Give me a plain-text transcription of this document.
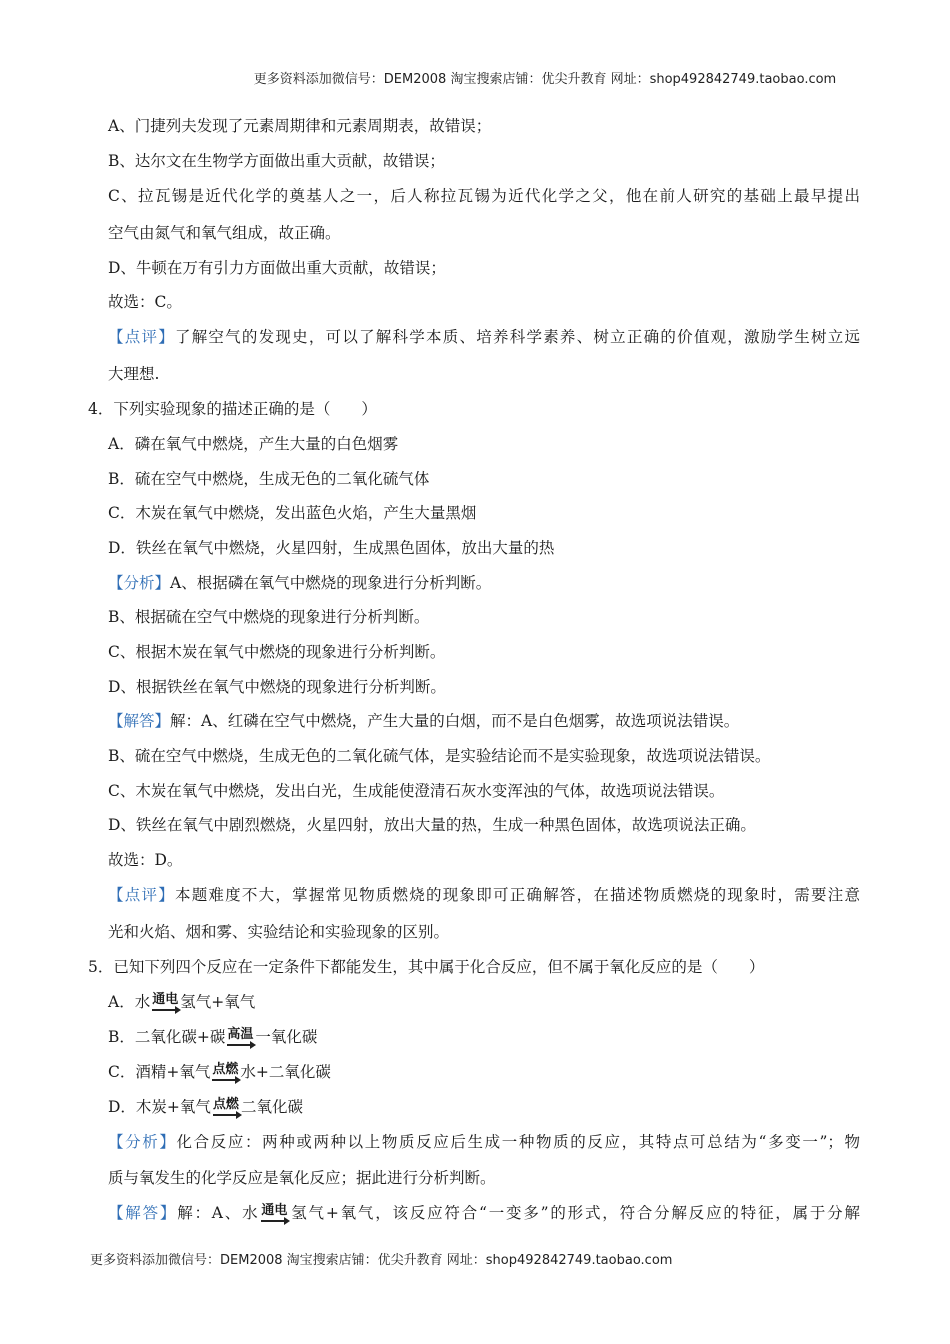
更多资料添加微信号：DEM2008 淘宝搜索店铺：优尖升教育 网址：shop492842749.taobao.com
A、门捷列夫发现了元素周期律和元素周期表，故错误；
B、达尔文在生物学方面做出重大贡献，故错误；
C、拉瓦锡是近代化学的奠基人之一，后人称拉瓦锡为近代化学之父，他在前人研究的基础上最早提出
空气由氮气和氧气组成，故正确。
D、牛顿在万有引力方面做出重大贡献，故错误；
故选：C。
【点评】了解空气的发现史，可以了解科学本质、培养科学素养、树立正确的价值观，激励学生树立远
大理想.
4．下列实验现象的描述正确的是（　　）
A．磷在氧气中燃烧，产生大量的白色烟雾
B．硫在空气中燃烧，生成无色的二氧化硫气体
C．木炭在氧气中燃烧，发出蓝色火焰，产生大量黑烟
D．铁丝在氧气中燃烧，火星四射，生成黑色固体，放出大量的热
【分析】A、根据磷在氧气中燃烧的现象进行分析判断。
B、根据硫在空气中燃烧的现象进行分析判断。
C、根据木炭在氧气中燃烧的现象进行分析判断。
D、根据铁丝在氧气中燃烧的现象进行分析判断。
【解答】解：A、红磷在空气中燃烧，产生大量的白烟，而不是白色烟雾，故选项说法错误。
B、硫在空气中燃烧，生成无色的二氧化硫气体，是实验结论而不是实验现象，故选项说法错误。
C、木炭在氧气中燃烧，发出白光，生成能使澄清石灰水变浑浊的气体，故选项说法错误。
D、铁丝在氧气中剧烈燃烧，火星四射，放出大量的热，生成一种黑色固体，故选项说法正确。
故选：D。
【点评】本题难度不大，掌握常见物质燃烧的现象即可正确解答，在描述物质燃烧的现象时，需要注意
光和火焰、烟和雾、实验结论和实验现象的区别。
5．已知下列四个反应在一定条件下都能发生，其中属于化合反应，但不属于氧化反应的是（　　）
A．水 通电 氢气+氧气
B．二氧化碳+碳 高温 一氧化碳
C．酒精+氧气 点燃 水+二氧化碳
D．木炭+氧气 点燃 二氧化碳
【分析】化合反应：两种或两种以上物质反应后生成一种物质的反应，其特点可总结为“多变一”；物
质与氧发生的化学反应是氧化反应；据此进行分析判断。
【解答】解：A、水 通电 氢气+氧气，该反应符合“一变多”的形式，符合分解反应的特征，属于分解
更多资料添加微信号：DEM2008 淘宝搜索店铺：优尖升教育 网址：shop492842749.taobao.com
